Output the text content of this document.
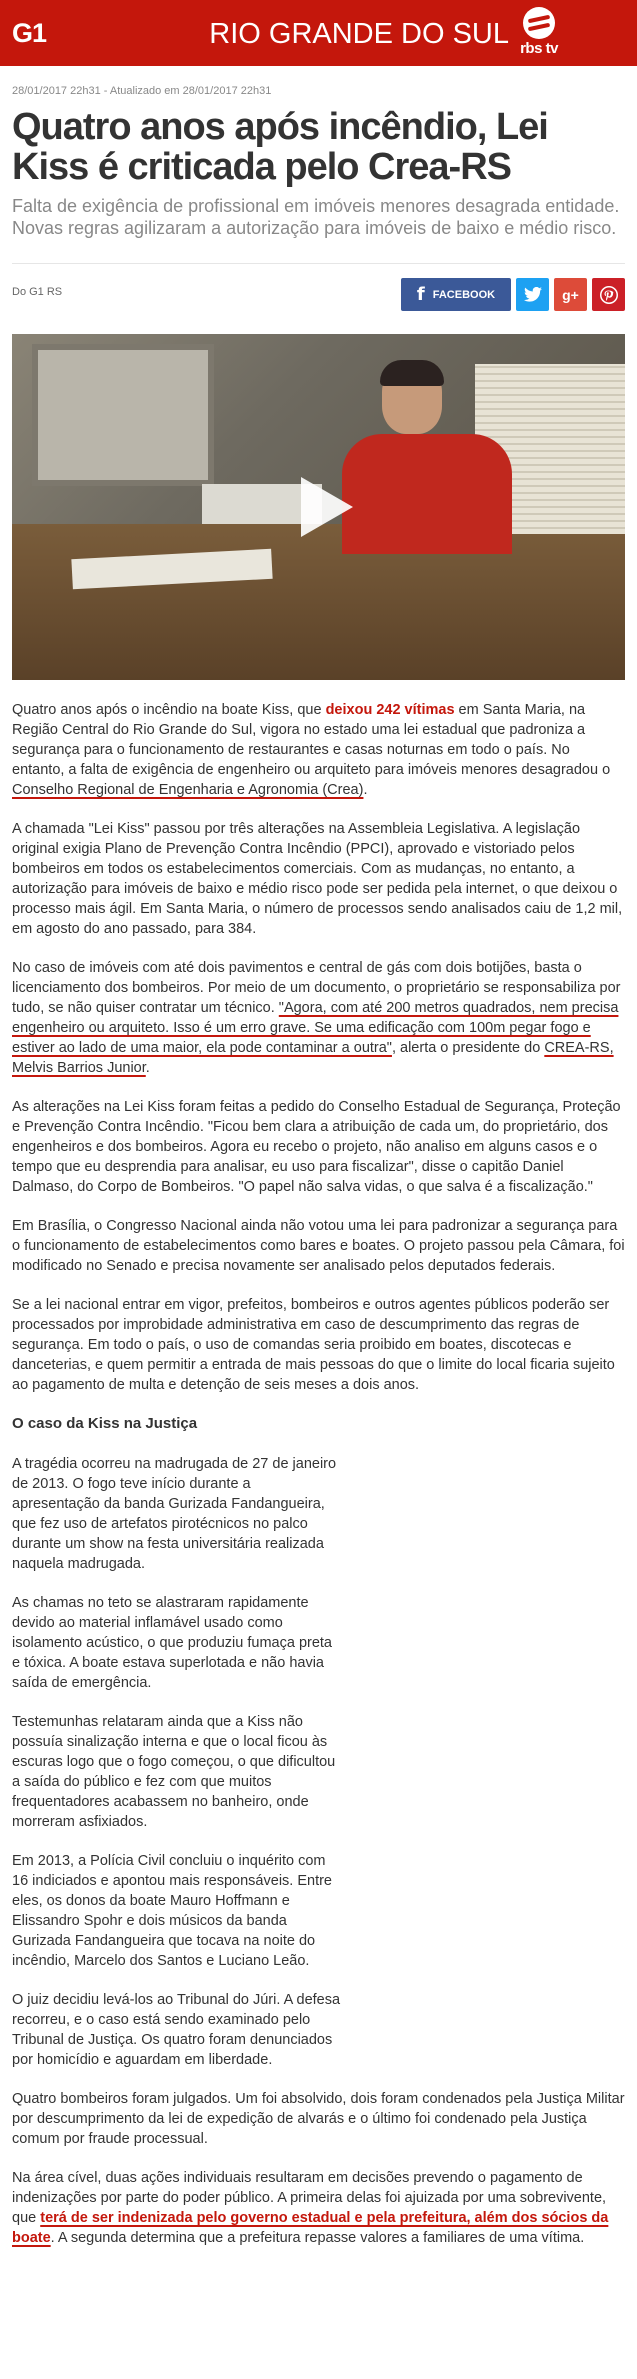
G1	RIO GRANDE DO SUL rbs tv
28/01/2017 22h31 - Atualizado em 28/01/2017 22h31
Quatro anos após incêndio, Lei Kiss é criticada pelo Crea-RS
Falta de exigência de profissional em imóveis menores desagrada entidade. Novas regras agilizaram a autorização para imóveis de baixo e médio risco.
Do G1 RS	f FACEBOOK	g+

Quatro anos após o incêndio na boate Kiss, que deixou 242 vítimas em Santa Maria, na Região Central do Rio Grande do Sul, vigora no estado uma lei estadual que padroniza a segurança para o funcionamento de restaurantes e casas noturnas em todo o país. No entanto, a falta de exigência de engenheiro ou arquiteto para imóveis menores desagradou o Conselho Regional de Engenharia e Agronomia (Crea).

A chamada "Lei Kiss" passou por três alterações na Assembleia Legislativa. A legislação original exigia Plano de Prevenção Contra Incêndio (PPCI), aprovado e vistoriado pelos bombeiros em todos os estabelecimentos comerciais. Com as mudanças, no entanto, a autorização para imóveis de baixo e médio risco pode ser pedida pela internet, o que deixou o processo mais ágil. Em Santa Maria, o número de processos sendo analisados caiu de 1,2 mil, em agosto do ano passado, para 384.

No caso de imóveis com até dois pavimentos e central de gás com dois botijões, basta o licenciamento dos bombeiros. Por meio de um documento, o proprietário se responsabiliza por tudo, se não quiser contratar um técnico. "Agora, com até 200 metros quadrados, nem precisa engenheiro ou arquiteto. Isso é um erro grave. Se uma edificação com 100m pegar fogo e estiver ao lado de uma maior, ela pode contaminar a outra", alerta o presidente do CREA-RS, Melvis Barrios Junior.

As alterações na Lei Kiss foram feitas a pedido do Conselho Estadual de Segurança, Proteção e Prevenção Contra Incêndio. "Ficou bem clara a atribuição de cada um, do proprietário, dos engenheiros e dos bombeiros. Agora eu recebo o projeto, não analiso em alguns casos e o tempo que eu desprendia para analisar, eu uso para fiscalizar", disse o capitão Daniel Dalmaso, do Corpo de Bombeiros. "O papel não salva vidas, o que salva é a fiscalização."

Em Brasília, o Congresso Nacional ainda não votou uma lei para padronizar a segurança para o funcionamento de estabelecimentos como bares e boates. O projeto passou pela Câmara, foi modificado no Senado e precisa novamente ser analisado pelos deputados federais.

Se a lei nacional entrar em vigor, prefeitos, bombeiros e outros agentes públicos poderão ser processados por improbidade administrativa em caso de descumprimento das regras de segurança. Em todo o país, o uso de comandas seria proibido em boates, discotecas e danceterias, e quem permitir a entrada de mais pessoas do que o limite do local ficaria sujeito ao pagamento de multa e detenção de seis meses a dois anos.

O caso da Kiss na Justiça

A tragédia ocorreu na madrugada de 27 de janeiro de 2013. O fogo teve início durante a apresentação da banda Gurizada Fandangueira, que fez uso de artefatos pirotécnicos no palco durante um show na festa universitária realizada naquela madrugada.

As chamas no teto se alastraram rapidamente devido ao material inflamável usado como isolamento acústico, o que produziu fumaça preta e tóxica. A boate estava superlotada e não havia saída de emergência.

Testemunhas relataram ainda que a Kiss não possuía sinalização interna e que o local ficou às escuras logo que o fogo começou, o que dificultou a saída do público e fez com que muitos frequentadores acabassem no banheiro, onde morreram asfixiados.

Em 2013, a Polícia Civil concluiu o inquérito com 16 indiciados e apontou mais responsáveis. Entre eles, os donos da boate Mauro Hoffmann e Elissandro Spohr e dois músicos da banda Gurizada Fandangueira que tocava na noite do incêndio, Marcelo dos Santos e Luciano Leão.

O juiz decidiu levá-los ao Tribunal do Júri. A defesa recorreu, e o caso está sendo examinado pelo Tribunal de Justiça. Os quatro foram denunciados por homicídio e aguardam em liberdade.

Quatro bombeiros foram julgados. Um foi absolvido, dois foram condenados pela Justiça Militar por descumprimento da lei de expedição de alvarás e o último foi condenado pela Justiça comum por fraude processual.

Na área cível, duas ações individuais resultaram em decisões prevendo o pagamento de indenizações por parte do poder público. A primeira delas foi ajuizada por uma sobrevivente, que terá de ser indenizada pelo governo estadual e pela prefeitura, além dos sócios da boate. A segunda determina que a prefeitura repasse valores a familiares de uma vítima.
